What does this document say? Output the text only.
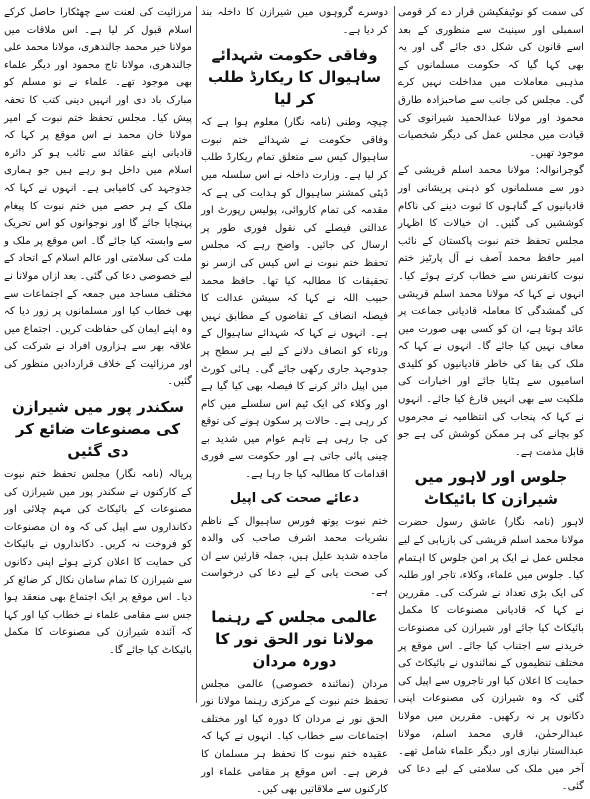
کی سمت کو نوٹیفکیشن قرار دے کر قومی اسمبلی اور سینیٹ سے منظوری کے بعد اسے قانون کی شکل دی جائے گی اور یہ بھی کہا گیا کہ حکومت مسلمانوں کے مذہبی معاملات میں مداخلت نہیں کرے گی۔ مجلس کی جانب سے صاحبزادہ طارق محمود اور مولانا عبدالحمید شیرانوی کی قیادت میں مجلس عمل کی دیگر شخصیات موجود تھیں۔

گوجرانوالہ: مولانا محمد اسلم قریشی کے دور سے مسلمانوں کو ذہنی پریشانی اور قادیانیوں کے گناہوں کا ثبوت دینے کی ناکام کوششیں کی گئیں۔ ان خیالات کا اظہار مجلس تحفظ ختم نبوت پاکستان کے نائب امیر حافظ محمد آصف نے آل پارٹیز ختم نبوت کانفرنس سے خطاب کرتے ہوئے کیا۔ انہوں نے کہا کہ مولانا محمد اسلم قریشی کی گمشدگی کا معاملہ قادیانی جماعت پر عائد ہوتا ہے، ان کو کسی بھی صورت میں معاف نہیں کیا جائے گا۔ انہوں نے کہا کہ ملک کی بقا کی خاطر قادیانیوں کو کلیدی اسامیوں سے ہٹایا جائے اور اخبارات کی ملکیت سے بھی انہیں فارغ کیا جائے۔ انہوں نے کہا کہ پنجاب کی انتظامیہ نے مجرموں کو بچانے کی ہر ممکن کوشش کی ہے جو قابل مذمت ہے۔

جلوس اور لاہور میں شیرازن کا بائیکاٹ

لاہور (نامہ نگار) عاشق رسول حضرت مولانا محمد اسلم قریشی کی بازیابی کے لیے مجلس عمل نے ایک پر امن جلوس کا اہتمام کیا۔ جلوس میں علماء، وکلاء، تاجر اور طلبہ کی ایک بڑی تعداد نے شرکت کی۔ مقررین نے کہا کہ قادیانی مصنوعات کا مکمل بائیکاٹ کیا جائے اور شیرازن کی مصنوعات خریدنے سے اجتناب کیا جائے۔ اس موقع پر مختلف تنظیموں کے نمائندوں نے بائیکاٹ کی حمایت کا اعلان کیا اور تاجروں سے اپیل کی گئی کہ وہ شیرازن کی مصنوعات اپنی دکانوں پر نہ رکھیں۔ مقررین میں مولانا عبدالرحمٰن، قاری محمد اسلم، مولانا عبدالستار نیازی اور دیگر علماء شامل تھے۔ آخر میں ملک کی سلامتی کے لیے دعا کی گئی۔

دوسرے گروہوں میں شیرازن کا داخلہ بند کر دیا ہے۔

وفاقی حکومت شہدائے ساہیوال کا ریکارڈ طلب کر لیا

چیچہ وطنی (نامہ نگار) معلوم ہوا ہے کہ وفاقی حکومت نے شہدائے ختم نبوت ساہیوال کیس سے متعلق تمام ریکارڈ طلب کر لیا ہے۔ وزارت داخلہ نے اس سلسلہ میں ڈپٹی کمشنر ساہیوال کو ہدایت کی ہے کہ مقدمہ کی تمام کاروائی، پولیس رپورٹ اور عدالتی فیصلے کی نقول فوری طور پر ارسال کی جائیں۔ واضح رہے کہ مجلس تحفظ ختم نبوت نے اس کیس کی ازسر نو تحقیقات کا مطالبہ کیا تھا۔ حافظ محمد حبیب اللہ نے کہا کہ سیشن عدالت کا فیصلہ انصاف کے تقاضوں کے مطابق نہیں ہے۔ انہوں نے کہا کہ شہدائے ساہیوال کے ورثاء کو انصاف دلانے کے لیے ہر سطح پر جدوجہد جاری رکھی جائے گی۔ ہائی کورٹ میں اپیل دائر کرنے کا فیصلہ بھی کیا گیا ہے اور وکلاء کی ایک ٹیم اس سلسلے میں کام کر رہی ہے۔ حالات پر سکون ہونے کی توقع کی جا رہی ہے تاہم عوام میں شدید بے چینی پائی جاتی ہے اور حکومت سے فوری اقدامات کا مطالبہ کیا جا رہا ہے۔

دعائے صحت کی اپیل

ختم نبوت یوتھ فورس ساہیوال کے ناظم نشریات محمد اشرف صاحب کی والدہ ماجدہ شدید علیل ہیں، جملہ قارئین سے ان کی صحت یابی کے لیے دعا کی درخواست ہے۔

عالمی مجلس کے رہنما مولانا نور الحق نور کا دورہ مردان

مردان (نمائندہ خصوصی) عالمی مجلس تحفظ ختم نبوت کے مرکزی رہنما مولانا نور الحق نور نے مردان کا دورہ کیا اور مختلف اجتماعات سے خطاب کیا۔ انہوں نے کہا کہ عقیدہ ختم نبوت کا تحفظ ہر مسلمان کا فرض ہے۔ اس موقع پر مقامی علماء اور کارکنوں سے ملاقاتیں بھی کیں۔

مرزائیت کی لعنت سے چھٹکارا حاصل کرکے اسلام قبول کر لیا ہے۔ اس ملاقات میں مولانا خیر محمد جالندھری، مولانا محمد علی جالندھری، مولانا تاج محمود اور دیگر علماء بھی موجود تھے۔ علماء نے نو مسلم کو مبارک باد دی اور انہیں دینی کتب کا تحفہ پیش کیا۔ مجلس تحفظ ختم نبوت کے امیر مولانا خان محمد نے اس موقع پر کہا کہ قادیانی اپنے عقائد سے تائب ہو کر دائرہ اسلام میں داخل ہو رہے ہیں جو ہماری جدوجہد کی کامیابی ہے۔ انہوں نے کہا کہ ملک کے ہر حصے میں ختم نبوت کا پیغام پہنچایا جائے گا اور نوجوانوں کو اس تحریک سے وابستہ کیا جائے گا۔ اس موقع پر ملک و ملت کی سلامتی اور عالم اسلام کے اتحاد کے لیے خصوصی دعا کی گئی۔ بعد ازاں مولانا نے مختلف مساجد میں جمعہ کے اجتماعات سے بھی خطاب کیا اور مسلمانوں پر زور دیا کہ وہ اپنے ایمان کی حفاظت کریں۔ اجتماع میں علاقہ بھر سے ہزاروں افراد نے شرکت کی اور مرزائیت کے خلاف قراردادیں منظور کی گئیں۔

سکندر پور میں شیرازن کی مصنوعات ضائع کر دی گئیں

پریالہ (نامہ نگار) مجلس تحفظ ختم نبوت کے کارکنوں نے سکندر پور میں شیرازن کی مصنوعات کے بائیکاٹ کی مہم چلائی اور دکانداروں سے اپیل کی کہ وہ ان مصنوعات کو فروخت نہ کریں۔ دکانداروں نے بائیکاٹ کی حمایت کا اعلان کرتے ہوئے اپنی دکانوں سے شیرازن کا تمام سامان نکال کر ضائع کر دیا۔ اس موقع پر ایک اجتماع بھی منعقد ہوا جس سے مقامی علماء نے خطاب کیا اور کہا کہ آئندہ شیرازن کی مصنوعات کا مکمل بائیکاٹ کیا جائے گا۔
